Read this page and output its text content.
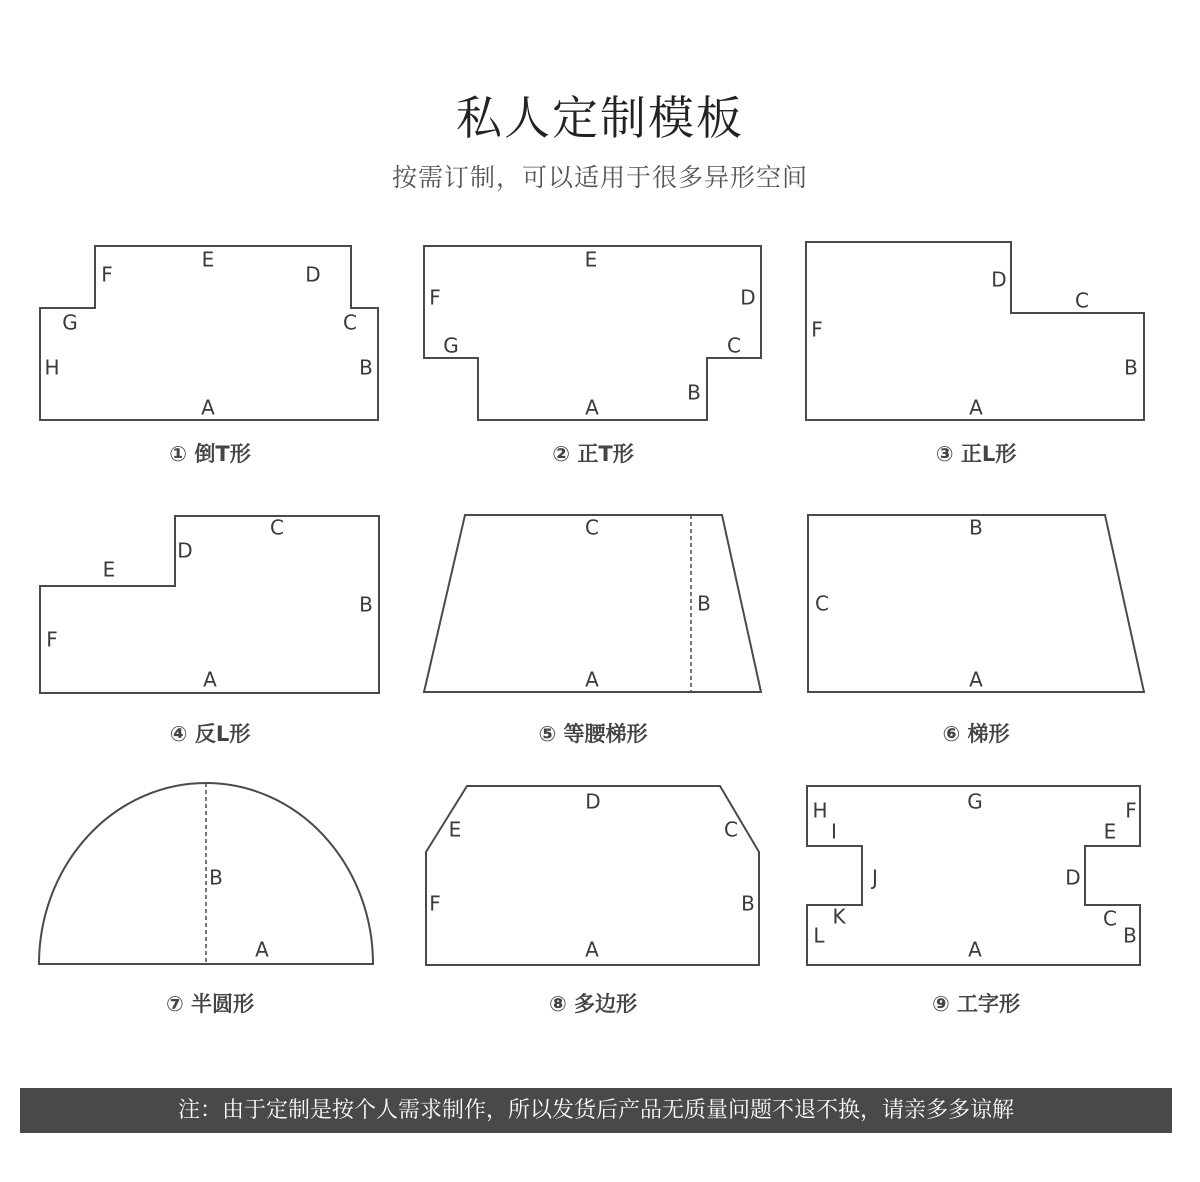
私人定制模板
按需订制，可以适用于很多异形空间
A
B
C
D
E
F
G
H
A
B
C
D
E
F
G
A
B
C
D
F
A
B
C
D
E
F
A
B
C
A
B
C
A
B
A
B
C
D
E
F
A
B
C
D
E
F
G
H
I
J
K
L
① 倒T形	② 正T形	③ 正L形
④ 反L形	⑤ 等腰梯形	⑥ 梯形
⑦ 半圆形	⑧ 多边形	⑨ 工字形
注：由于定制是按个人需求制作，所以发货后产品无质量问题不退不换，请亲多多谅解
